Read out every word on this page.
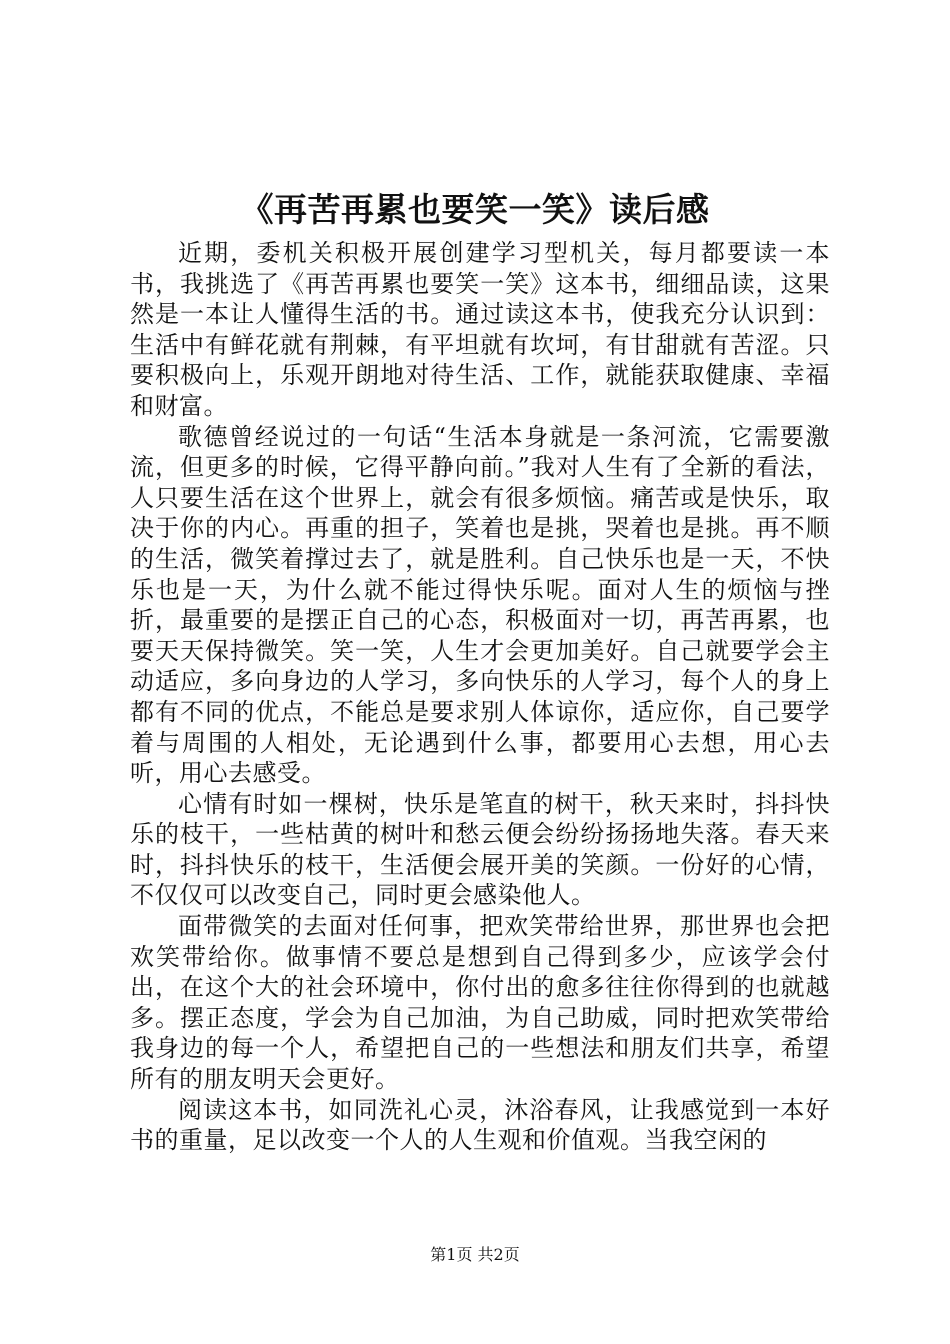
《再苦再累也要笑一笑》读后感

近期，委机关积极开展创建学习型机关，每月都要读一本书，我挑选了《再苦再累也要笑一笑》这本书，细细品读，这果然是一本让人懂得生活的书。通过读这本书，使我充分认识到：生活中有鲜花就有荆棘，有平坦就有坎坷，有甘甜就有苦涩。只要积极向上，乐观开朗地对待生活、工作，就能获取健康、幸福和财富。

歌德曾经说过的一句话“生活本身就是一条河流，它需要激流，但更多的时候，它得平静向前。”我对人生有了全新的看法，人只要生活在这个世界上，就会有很多烦恼。痛苦或是快乐，取决于你的内心。再重的担子，笑着也是挑，哭着也是挑。再不顺的生活，微笑着撑过去了，就是胜利。自己快乐也是一天，不快乐也是一天，为什么就不能过得快乐呢。面对人生的烦恼与挫折，最重要的是摆正自己的心态，积极面对一切，再苦再累，也要天天保持微笑。笑一笑，人生才会更加美好。自己就要学会主动适应，多向身边的人学习，多向快乐的人学习，每个人的身上都有不同的优点，不能总是要求别人体谅你，适应你，自己要学着与周围的人相处，无论遇到什么事，都要用心去想，用心去听，用心去感受。

心情有时如一棵树，快乐是笔直的树干，秋天来时，抖抖快乐的枝干，一些枯黄的树叶和愁云便会纷纷扬扬地失落。春天来时，抖抖快乐的枝干，生活便会展开美的笑颜。一份好的心情，不仅仅可以改变自己，同时更会感染他人。

面带微笑的去面对任何事，把欢笑带给世界，那世界也会把欢笑带给你。做事情不要总是想到自己得到多少，应该学会付出，在这个大的社会环境中，你付出的愈多往往你得到的也就越多。摆正态度，学会为自己加油，为自己助威，同时把欢笑带给我身边的每一个人，希望把自己的一些想法和朋友们共享，希望所有的朋友明天会更好。

阅读这本书，如同洗礼心灵，沐浴春风，让我感觉到一本好书的重量，足以改变一个人的人生观和价值观。当我空闲的

第1页 共2页
